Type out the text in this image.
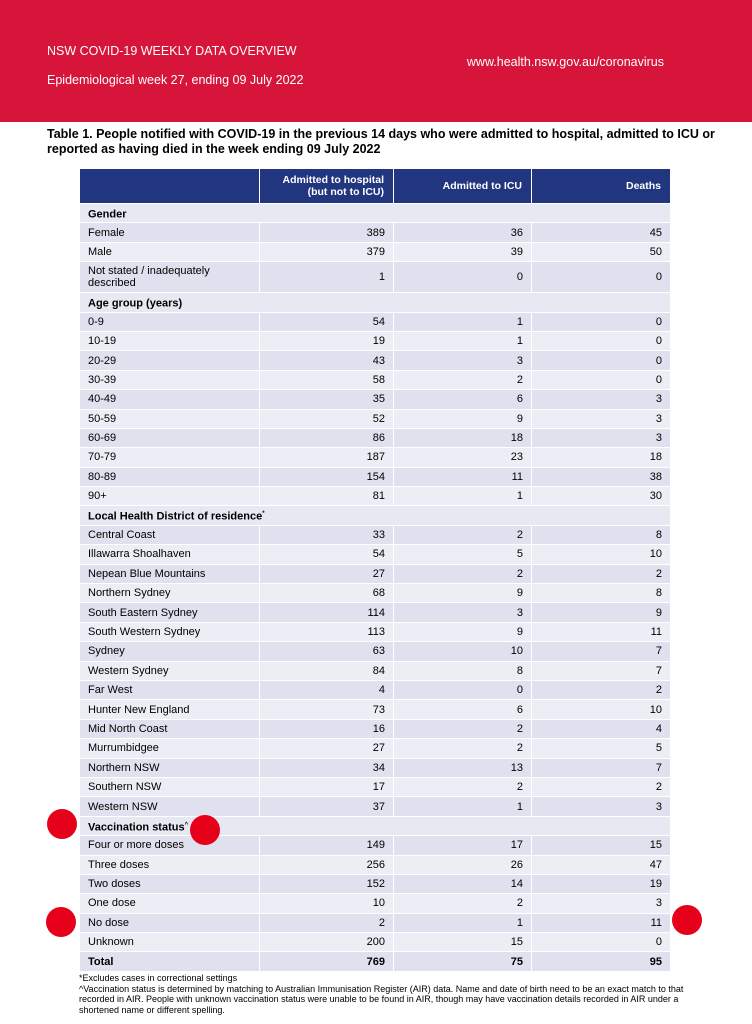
NSW COVID-19 WEEKLY DATA OVERVIEW
Epidemiological week 27, ending 09 July 2022
www.health.nsw.gov.au/coronavirus
Table 1. People notified with COVID-19 in the previous 14 days who were admitted to hospital, admitted to ICU or reported as having died in the week ending 09 July 2022
	Admitted to hospital (but not to ICU)	Admitted to ICU	Deaths
Gender			
Female	389	36	45
Male	379	39	50
Not stated / inadequately described	1	0	0
Age group (years)			
0-9	54	1	0
10-19	19	1	0
20-29	43	3	0
30-39	58	2	0
40-49	35	6	3
50-59	52	9	3
60-69	86	18	3
70-79	187	23	18
80-89	154	11	38
90+	81	1	30
Local Health District of residence*
Central Coast	33	2	8
Illawarra Shoalhaven	54	5	10
Nepean Blue Mountains	27	2	2
Northern Sydney	68	9	8
South Eastern Sydney	114	3	9
South Western Sydney	113	9	11
Sydney	63	10	7
Western Sydney	84	8	7
Far West	4	0	2
Hunter New England	73	6	10
Mid North Coast	16	2	4
Murrumbidgee	27	2	5
Northern NSW	34	13	7
Southern NSW	17	2	2
Western NSW	37	1	3
Vaccination status^
Four or more doses	149	17	15
Three doses	256	26	47
Two doses	152	14	19
One dose	10	2	3
No dose	2	1	11
Unknown	200	15	0
Total	769	75	95
*Excludes cases in correctional settings
^Vaccination status is determined by matching to Australian Immunisation Register (AIR) data. Name and date of birth need to be an exact match to that recorded in AIR. People with unknown vaccination status were unable to be found in AIR, though may have vaccination details recorded in AIR under a shortened name or different spelling.
